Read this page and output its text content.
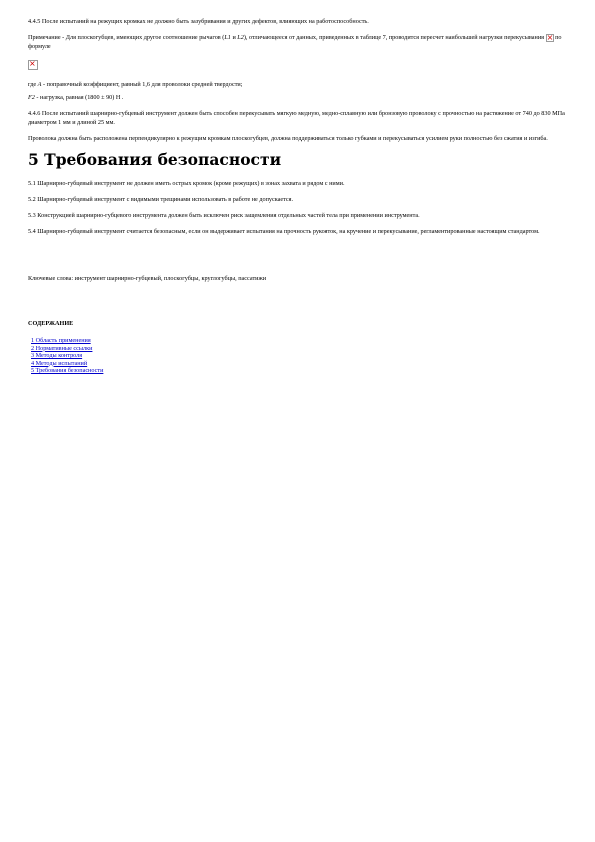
4.4.5 После испытаний на режущих кромках не должно быть зазубривания и других дефектов, влияющих на работоспособность.

Примечание - Для плоскогубцев, имеющих другое соотношение рычагов (L1 и L2), отличающееся от данных, приведенных в таблице 7, проводится пересчет наибольшей нагрузки перекусывания × по формуле

×

где A - поправочный коэффициент, равный 1,6 для проволоки средней твердости;

F2 - нагрузка, равная (1800 ± 90) Н .

4.4.6 После испытаний шарнирно-губцевый инструмент должен быть способен перекусывать мягкую медную, медно-сплавную или бронзовую проволоку с прочностью на растяжение от 740 до 830 МПа диаметром 1 мм и длиной 25 мм.

Проволока должна быть расположена перпендикулярно к режущим кромкам плоскогубцев, должна поддерживаться только губками и перекусываться усилием руки полностью без сжатия и изгиба.

5 Требования безопасности

5.1 Шарнирно-губцевый инструмент не должен иметь острых кромок (кроме режущих) в зонах захвата и рядом с ними.

5.2 Шарнирно-губцевый инструмент с видимыми трещинами использовать в работе не допускается.

5.3 Конструкцией шарнирно-губцевого инструмента должен быть исключен риск защемления отдельных частей тела при применении инструмента.

5.4 Шарнирно-губцевый инструмент считается безопасным, если он выдерживает испытания на прочность рукояток, на кручение и перекусывание, регламентированные настоящим стандартом.

Ключевые слова: инструмент шарнирно-губцевый, плоскогубцы, круглогубцы, пассатижи

СОДЕРЖАНИЕ

1 Область применения
2 Нормативные ссылки
3 Методы контроля
4 Методы испытаний
5 Требования безопасности
